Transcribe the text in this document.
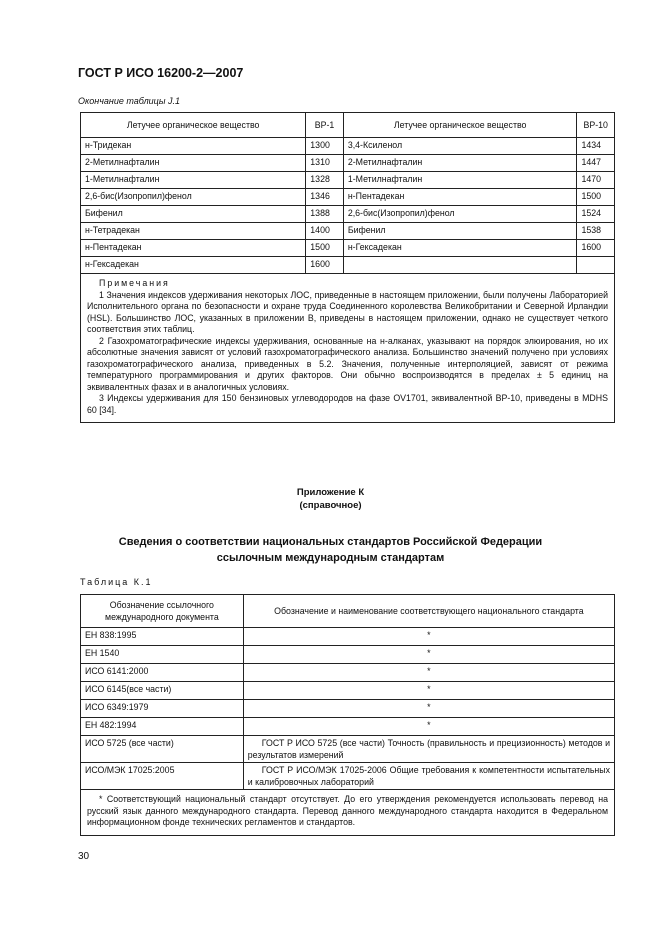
ГОСТ Р ИСО 16200-2—2007
Окончание таблицы J.1
Летучее органическое вещество	ВР-1	Летучее органическое вещество	ВР-10
н-Тридекан	1300	3,4-Ксиленол	1434
2-Метилнафталин	1310	2-Метилнафталин	1447
1-Метилнафталин	1328	1-Метилнафталин	1470
2,6-бис(Изопропил)фенол	1346	н-Пентадекан	1500
Бифенил	1388	2,6-бис(Изопропил)фенол	1524
н-Тетрадекан	1400	Бифенил	1538
н-Пентадекан	1500	н-Гексадекан	1600
н-Гексадекан	1600		

Примечания

1 Значения индексов удерживания некоторых ЛОС, приведенные в настоящем приложении, были получены Лабораторией Исполнительного органа по безопасности и охране труда Соединенного королевства Великобритании и Северной Ирландии (HSL). Большинство ЛОС, указанных в приложении В, приведены в настоящем приложении, однако не существует четкого соответствия этих таблиц.

2 Газохроматографические индексы удерживания, основанные на н-алканах, указывают на порядок элюирования, но их абсолютные значения зависят от условий газохроматографического анализа. Большинство значений получено при условиях газохроматографического анализа, приведенных в 5.2. Значения, полученные интерполяцией, зависят от режима температурного программирования и других факторов. Они обычно воспроизводятся в пределах ± 5 единиц на эквивалентных фазах и в аналогичных условиях.

3 Индексы удерживания для 150 бензиновых углеводородов на фазе OV1701, эквивалентной ВР-10, приведены в MDHS 60 [34].			

Приложение К
(справочное)
Сведения о соответствии национальных стандартов Российской Федерации
ссылочным международным стандартам
Таблица К.1
Обозначение ссылочного международного документа	Обозначение и наименование соответствующего национального стандарта
ЕН 838:1995	*
ЕН 1540	*
ИСО 6141:2000	*
ИСО 6145(все части)	*
ИСО 6349:1979	*
ЕН 482:1994	*
ИСО 5725 (все части)	ГОСТ Р ИСО 5725 (все части) Точность (правильность и прецизионность) методов и результатов измерений
ИСО/МЭК 17025:2005	ГОСТ Р ИСО/МЭК 17025-2006 Общие требования к компетентности испытательных и калибровочных лабораторий

* Соответствующий национальный стандарт отсутствует. До его утверждения рекомендуется использовать перевод на русский язык данного международного стандарта. Перевод данного международного стандарта находится в Федеральном информационном фонде технических регламентов и стандартов.	

30
